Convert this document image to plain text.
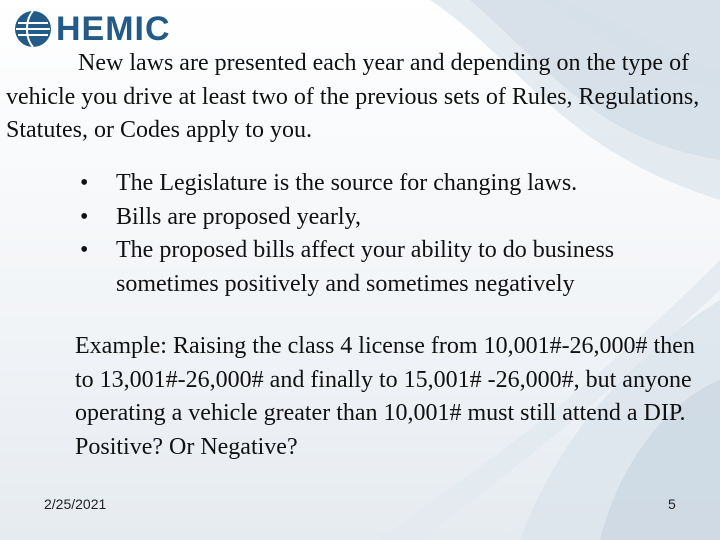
HEMIC

New laws are presented each year and depending on the type of vehicle you drive at least two of the previous sets of Rules, Regulations, Statutes, or Codes apply to you.

•	The Legislature is the source for changing laws.
•	Bills are proposed yearly,
•	The proposed bills affect your ability to do business sometimes positively and sometimes negatively

Example: Raising the class 4 license from 10,001#-26,000# then to 13,001#-26,000# and finally to 15,001# -26,000#, but anyone operating a vehicle greater than 10,001# must still attend a DIP. Positive? Or Negative?

2/25/2021	5
